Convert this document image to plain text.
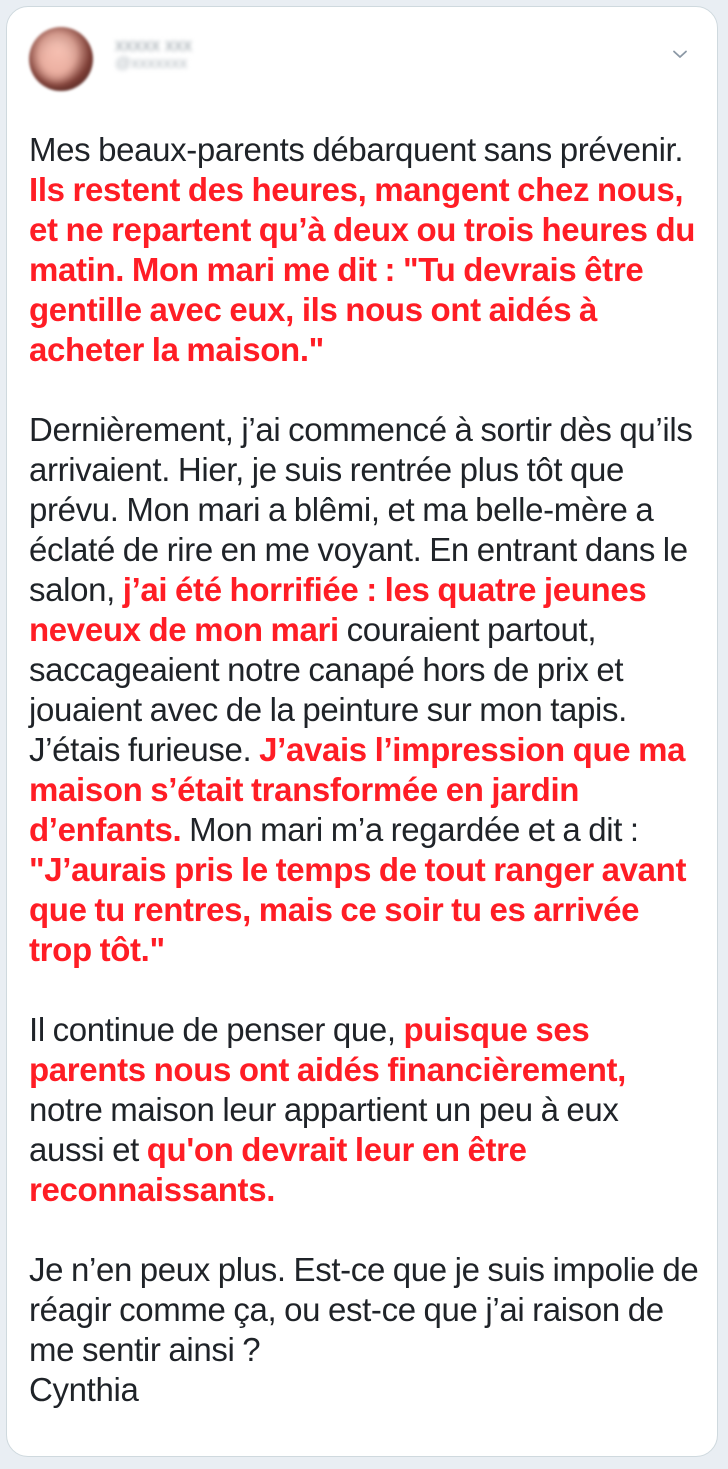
xxxxx xxx
@xxxxxxx
Mes beaux-parents débarquent sans prévenir. Ils restent des heures, mangent chez nous, et ne repartent qu’à deux ou trois heures du matin. Mon mari me dit : "Tu devrais être gentille avec eux, ils nous ont aidés à acheter la maison."
Dernièrement, j’ai commencé à sortir dès qu’ils arrivaient. Hier, je suis rentrée plus tôt que prévu. Mon mari a blêmi, et ma belle-mère a éclaté de rire en me voyant. En entrant dans le salon, j’ai été horrifiée : les quatre jeunes neveux de mon mari couraient partout, saccageaient notre canapé hors de prix et jouaient avec de la peinture sur mon tapis. J’étais furieuse. J’avais l’impression que ma maison s’était transformée en jardin d’enfants. Mon mari m’a regardée et a dit : "J’aurais pris le temps de tout ranger avant que tu rentres, mais ce soir tu es arrivée trop tôt."
Il continue de penser que, puisque ses parents nous ont aidés financièrement, notre maison leur appartient un peu à eux aussi et qu'on devrait leur en être reconnaissants.
Je n’en peux plus. Est-ce que je suis impolie de réagir comme ça, ou est-ce que j’ai raison de me sentir ainsi ?
Cynthia
